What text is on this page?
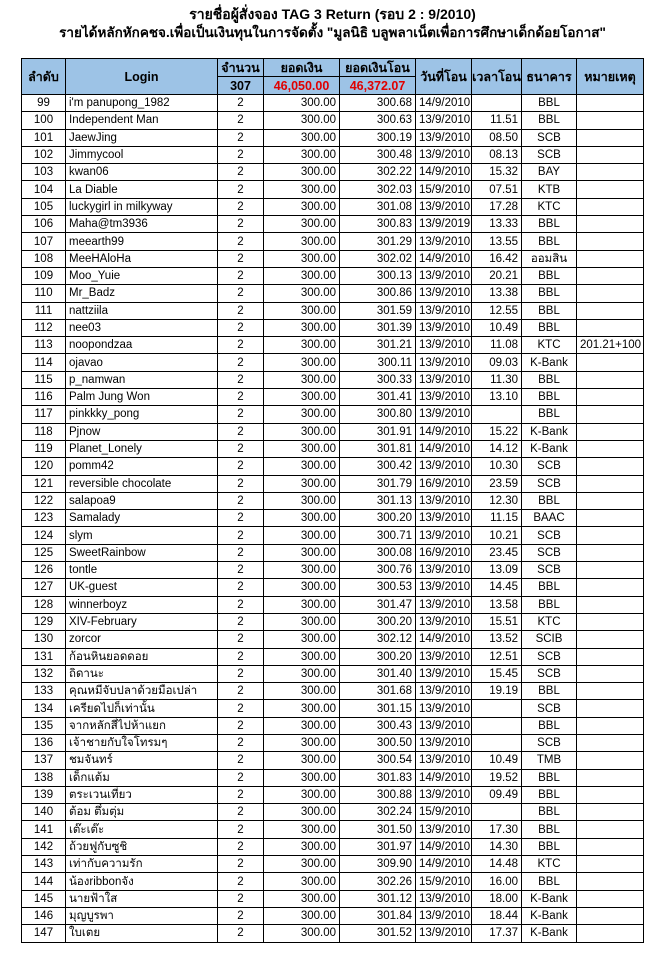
รายชื่อผู้สั่งจอง TAG 3 Return (รอบ 2 : 9/2010)
รายได้หลักหักคชจ.เพื่อเป็นเงินทุนในการจัดตั้ง "มูลนิธิ บลูพลาเน็ตเพื่อการศึกษาเด็กด้อยโอกาส"
ลำดับ	Login	จำนวน	ยอดเงิน	ยอดเงินโอน	วันที่โอน	เวลาโอน	ธนาคาร	หมายเหตุ
		307	46,050.00	46,372.07				
99	i'm panupong_1982	2	300.00	300.68	14/9/2010		BBL	
100	Independent Man	2	300.00	300.63	13/9/2010	11.51	BBL	
101	JaewJing	2	300.00	300.19	13/9/2010	08.50	SCB	
102	Jimmycool	2	300.00	300.48	13/9/2010	08.13	SCB	
103	kwan06	2	300.00	302.22	14/9/2010	15.32	BAY	
104	La Diable	2	300.00	302.03	15/9/2010	07.51	KTB	
105	luckygirl in milkyway	2	300.00	301.08	13/9/2010	17.28	KTC	
106	Maha@tm3936	2	300.00	300.83	13/9/2019	13.33	BBL	
107	meearth99	2	300.00	301.29	13/9/2010	13.55	BBL	
108	MeeHAloHa	2	300.00	302.02	14/9/2010	16.42	ออมสิน	
109	Moo_Yuie	2	300.00	300.13	13/9/2010	20.21	BBL	
110	Mr_Badz	2	300.00	300.86	13/9/2010	13.38	BBL	
111	nattziila	2	300.00	301.59	13/9/2010	12.55	BBL	
112	nee03	2	300.00	301.39	13/9/2010	10.49	BBL	
113	noopondzaa	2	300.00	301.21	13/9/2010	11.08	KTC	201.21+100
114	ojavao	2	300.00	300.11	13/9/2010	09.03	K-Bank	
115	p_namwan	2	300.00	300.33	13/9/2010	11.30	BBL	
116	Palm Jung Won	2	300.00	301.41	13/9/2010	13.10	BBL	
117	pinkkky_pong	2	300.00	300.80	13/9/2010		BBL	
118	Pjnow	2	300.00	301.91	14/9/2010	15.22	K-Bank	
119	Planet_Lonely	2	300.00	301.81	14/9/2010	14.12	K-Bank	
120	pomm42	2	300.00	300.42	13/9/2010	10.30	SCB	
121	reversible chocolate	2	300.00	301.79	16/9/2010	23.59	SCB	
122	salapoa9	2	300.00	301.13	13/9/2010	12.30	BBL	
123	Samalady	2	300.00	300.20	13/9/2010	11.15	BAAC	
124	slym	2	300.00	300.71	13/9/2010	10.21	SCB	
125	SweetRainbow	2	300.00	300.08	16/9/2010	23.45	SCB	
126	tontle	2	300.00	300.76	13/9/2010	13.09	SCB	
127	UK-guest	2	300.00	300.53	13/9/2010	14.45	BBL	
128	winnerboyz	2	300.00	301.47	13/9/2010	13.58	BBL	
129	XIV-February	2	300.00	300.20	13/9/2010	15.51	KTC	
130	zorcor	2	300.00	302.12	14/9/2010	13.52	SCIB	
131	ก้อนหินยอดดอย	2	300.00	300.20	13/9/2010	12.51	SCB	
132	ถิดานะ	2	300.00	301.40	13/9/2010	15.45	SCB	
133	คุณหมีจับปลาด้วยมือเปล่า	2	300.00	301.68	13/9/2010	19.19	BBL	
134	เครียดไปก็เท่านั้น	2	300.00	301.15	13/9/2010		SCB	
135	จากหลักสี่ไปห้าแยก	2	300.00	300.43	13/9/2010		BBL	
136	เจ้าชายกับใจโทรมๆ	2	300.00	300.50	13/9/2010		SCB	
137	ชมจันทร์	2	300.00	300.54	13/9/2010	10.49	TMB	
138	เด็กแต้ม	2	300.00	301.83	14/9/2010	19.52	BBL	
139	ตระเวนเที่ยว	2	300.00	300.88	13/9/2010	09.49	BBL	
140	ต้อม ตึ๋มตุ่ม	2	300.00	302.24	15/9/2010		BBL	
141	เต๊ะเต๊ะ	2	300.00	301.50	13/9/2010	17.30	BBL	
142	ถ้วยฟูกับซูชิ	2	300.00	301.97	14/9/2010	14.30	BBL	
143	เท่ากับความรัก	2	300.00	309.90	14/9/2010	14.48	KTC	
144	น้องribbonจัง	2	300.00	302.26	15/9/2010	16.00	BBL	
145	นายฟ้าใส	2	300.00	301.12	13/9/2010	18.00	K-Bank	
146	มุญบูรพา	2	300.00	301.84	13/9/2010	18.44	K-Bank	
147	ใบเตย	2	300.00	301.52	13/9/2010	17.37	K-Bank	
